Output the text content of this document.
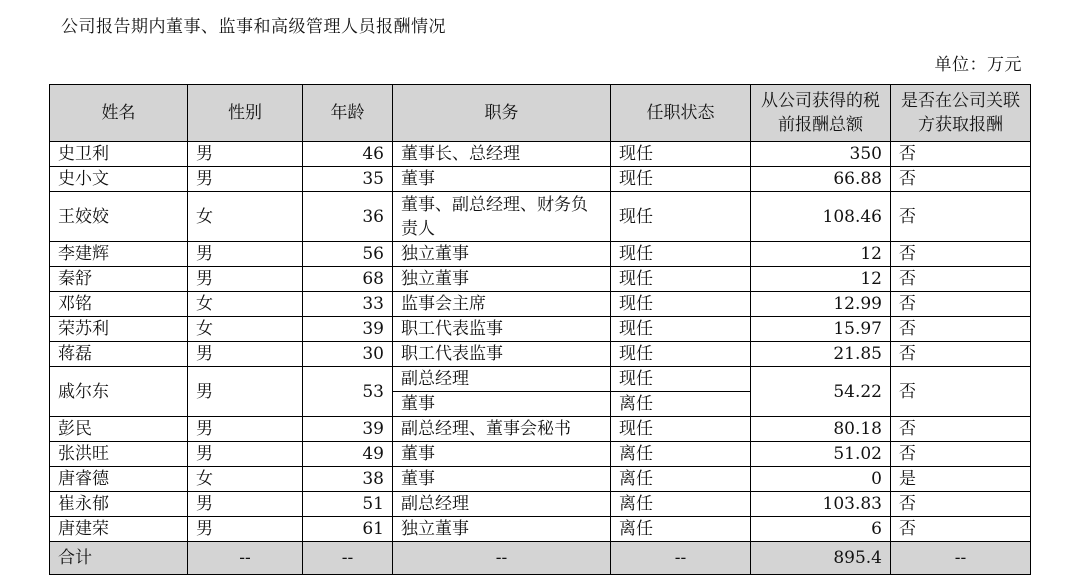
公司报告期内董事、监事和高级管理人员报酬情况
单位：万元
姓名	性别	年龄	职务	任职状态	从公司获得的税前报酬总额	是否在公司关联方获取报酬
史卫利	男	46	董事长、总经理	现任	350	否
史小文	男	35	董事	现任	66.88	否
王姣姣	女	36	董事、副总经理、财务负责人	现任	108.46	否
李建辉	男	56	独立董事	现任	12	否
秦舒	男	68	独立董事	现任	12	否
邓铭	女	33	监事会主席	现任	12.99	否
荣苏利	女	39	职工代表监事	现任	15.97	否
蒋磊	男	30	职工代表监事	现任	21.85	否
戚尔东	男	53	副总经理	现任	54.22	否
			董事	离任		
彭民	男	39	副总经理、董事会秘书	现任	80.18	否
张洪旺	男	49	董事	离任	51.02	否
唐睿德	女	38	董事	离任	0	是
崔永郁	男	51	副总经理	离任	103.83	否
唐建荣	男	61	独立董事	离任	6	否
合计	--	--	--	--	895.4	--
